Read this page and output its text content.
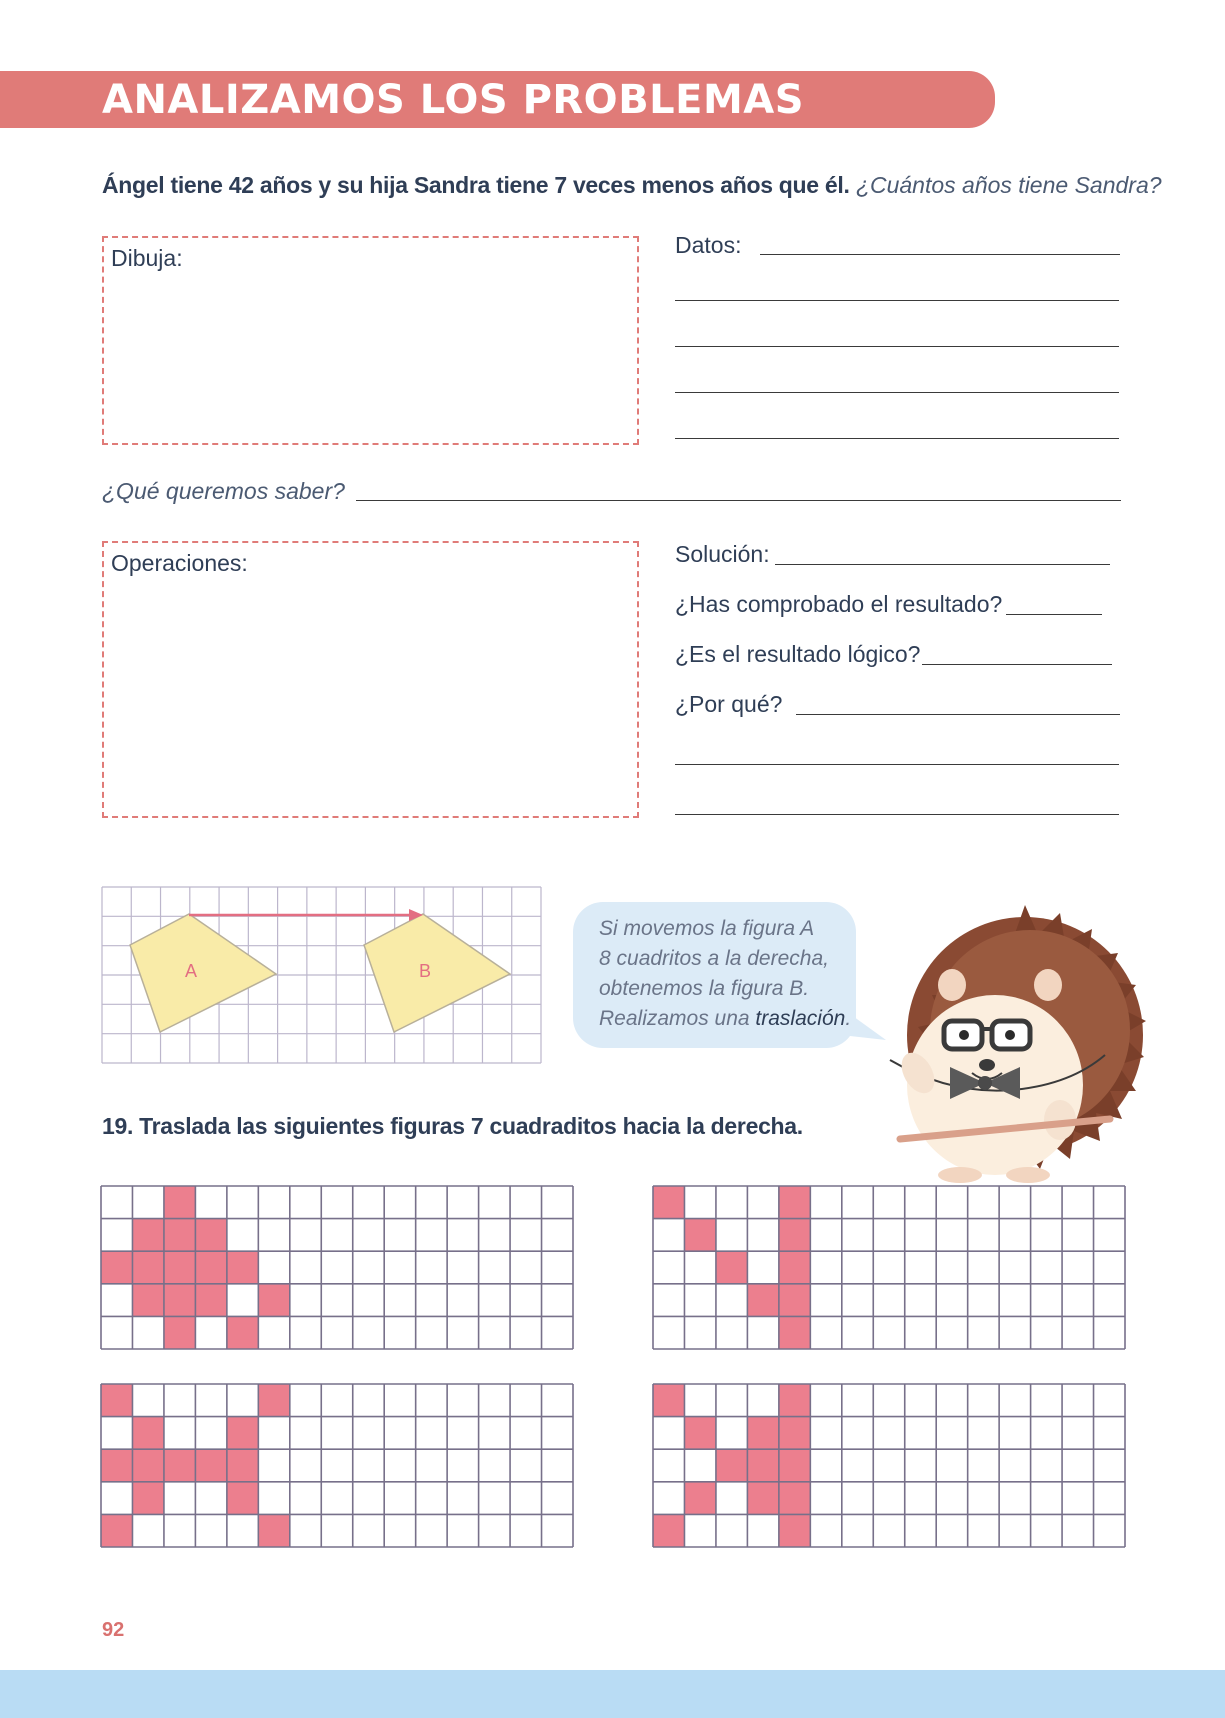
ANALIZAMOS LOS PROBLEMAS

Ángel tiene 42 años y su hija Sandra tiene 7 veces menos años que él. ¿Cuántos años tiene Sandra?

Dibuja:	Datos:
¿Qué queremos saber?
Operaciones:	Solución:
¿Has comprobado el resultado?
¿Es el resultado lógico?
¿Por qué?
A	B

Si movemos la figura A
8 cuadritos a la derecha,
obtenemos la figura B.
Realizamos una traslación.

19. Traslada las siguientes figuras 7 cuadraditos hacia la derecha.

92
